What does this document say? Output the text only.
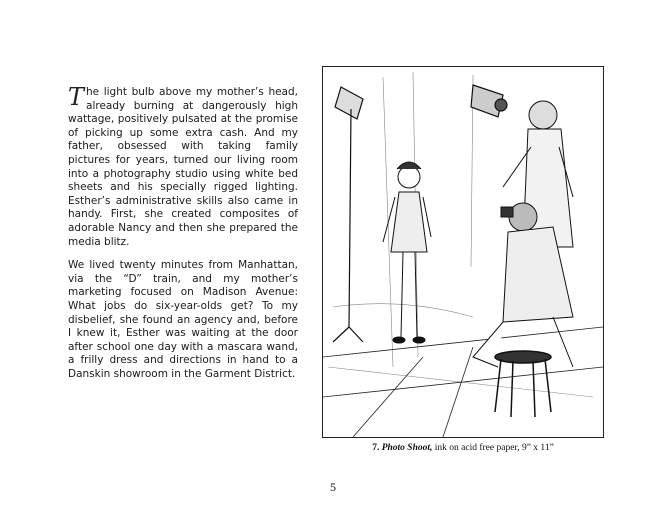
The light bulb above my mother’s head, already burning at dangerously high wattage, positively pulsated at the promise of picking up some extra cash. And my father, obsessed with taking family pictures for years, turned our living room into a photography studio using white bed sheets and his specially rigged lighting. Esther’s administrative skills also came in handy. First, she created composites of adorable Nancy and then she prepared the media blitz.

We lived twenty minutes from Manhattan, via the “D” train, and my mother’s marketing focused on Madison Avenue: What jobs do six-year-olds get? To my disbelief, she found an agency and, before I knew it, Esther was waiting at the door after school one day with a mascara wand, a frilly dress and directions in hand to a Danskin showroom in the Garment District.

7. Photo Shoot, ink on acid free paper, 9” x 11”
5
